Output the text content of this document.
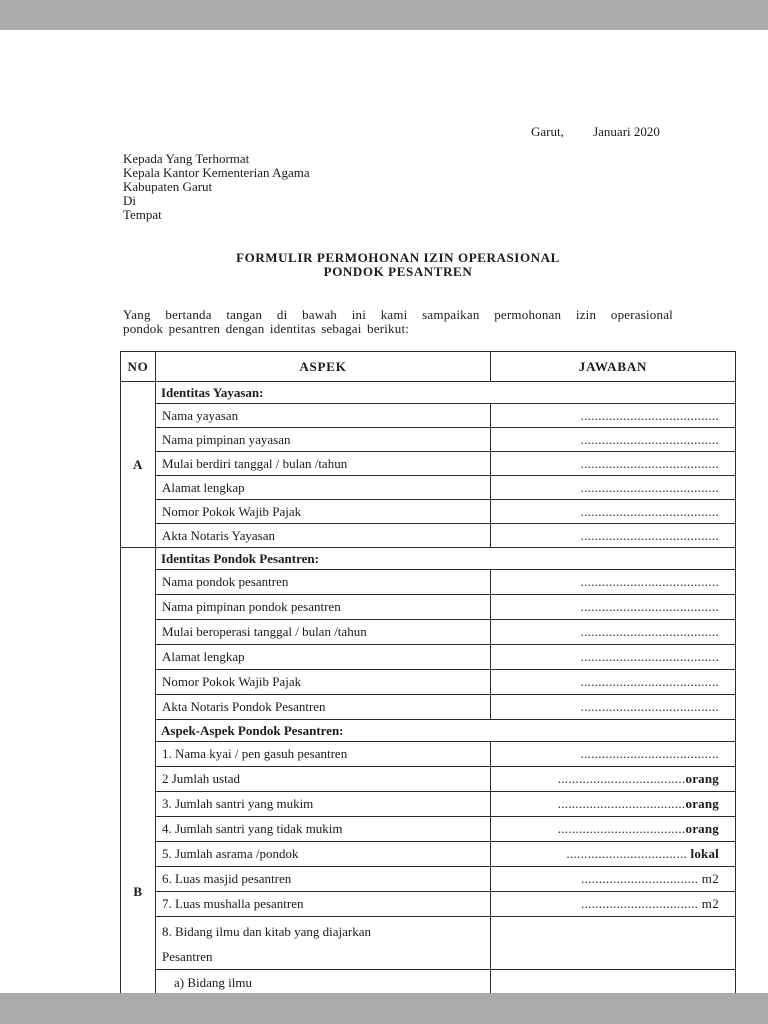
Garut,         Januari 2020
Kepada Yang Terhormat
Kepala Kantor Kementerian Agama
Kabupaten Garut
Di
Tempat
FORMULIR PERMOHONAN IZIN OPERASIONAL
PONDOK PESANTREN
Yang bertanda tangan di bawah ini kami sampaikan permohonan izin operasional
pondok pesantren dengan identitas sebagai berikut:
NO	ASPEK	JAWABAN
A	Identitas Yayasan:	
	Nama yayasan	.......................................
	Nama pimpinan yayasan	.......................................
	Mulai berdiri tanggal / bulan /tahun	.......................................
	Alamat lengkap	.......................................
	Nomor Pokok Wajib Pajak	.......................................
	Akta Notaris Yayasan	.......................................
B	Identitas Pondok Pesantren:	
	Nama pondok pesantren	.......................................
	Nama pimpinan pondok pesantren	.......................................
	Mulai beroperasi tanggal / bulan /tahun	.......................................
	Alamat lengkap	.......................................
	Nomor Pokok Wajib Pajak	.......................................
	Akta Notaris Pondok Pesantren	.......................................
	Aspek-Aspek Pondok Pesantren:	
	1. Nama kyai / pen gasuh pesantren	.......................................
	2 Jumlah ustad	....................................orang
	3. Jumlah santri yang mukim	....................................orang
	4. Jumlah santri yang tidak mukim	....................................orang
	5. Jumlah asrama /pondok	.................................. lokal
	6. Luas masjid pesantren	................................. m2
	7. Luas mushalla pesantren	................................. m2

	8. Bidang ilmu dan kitab yang diajarkan
Pesantren	

	a) Bidang ilmu	
